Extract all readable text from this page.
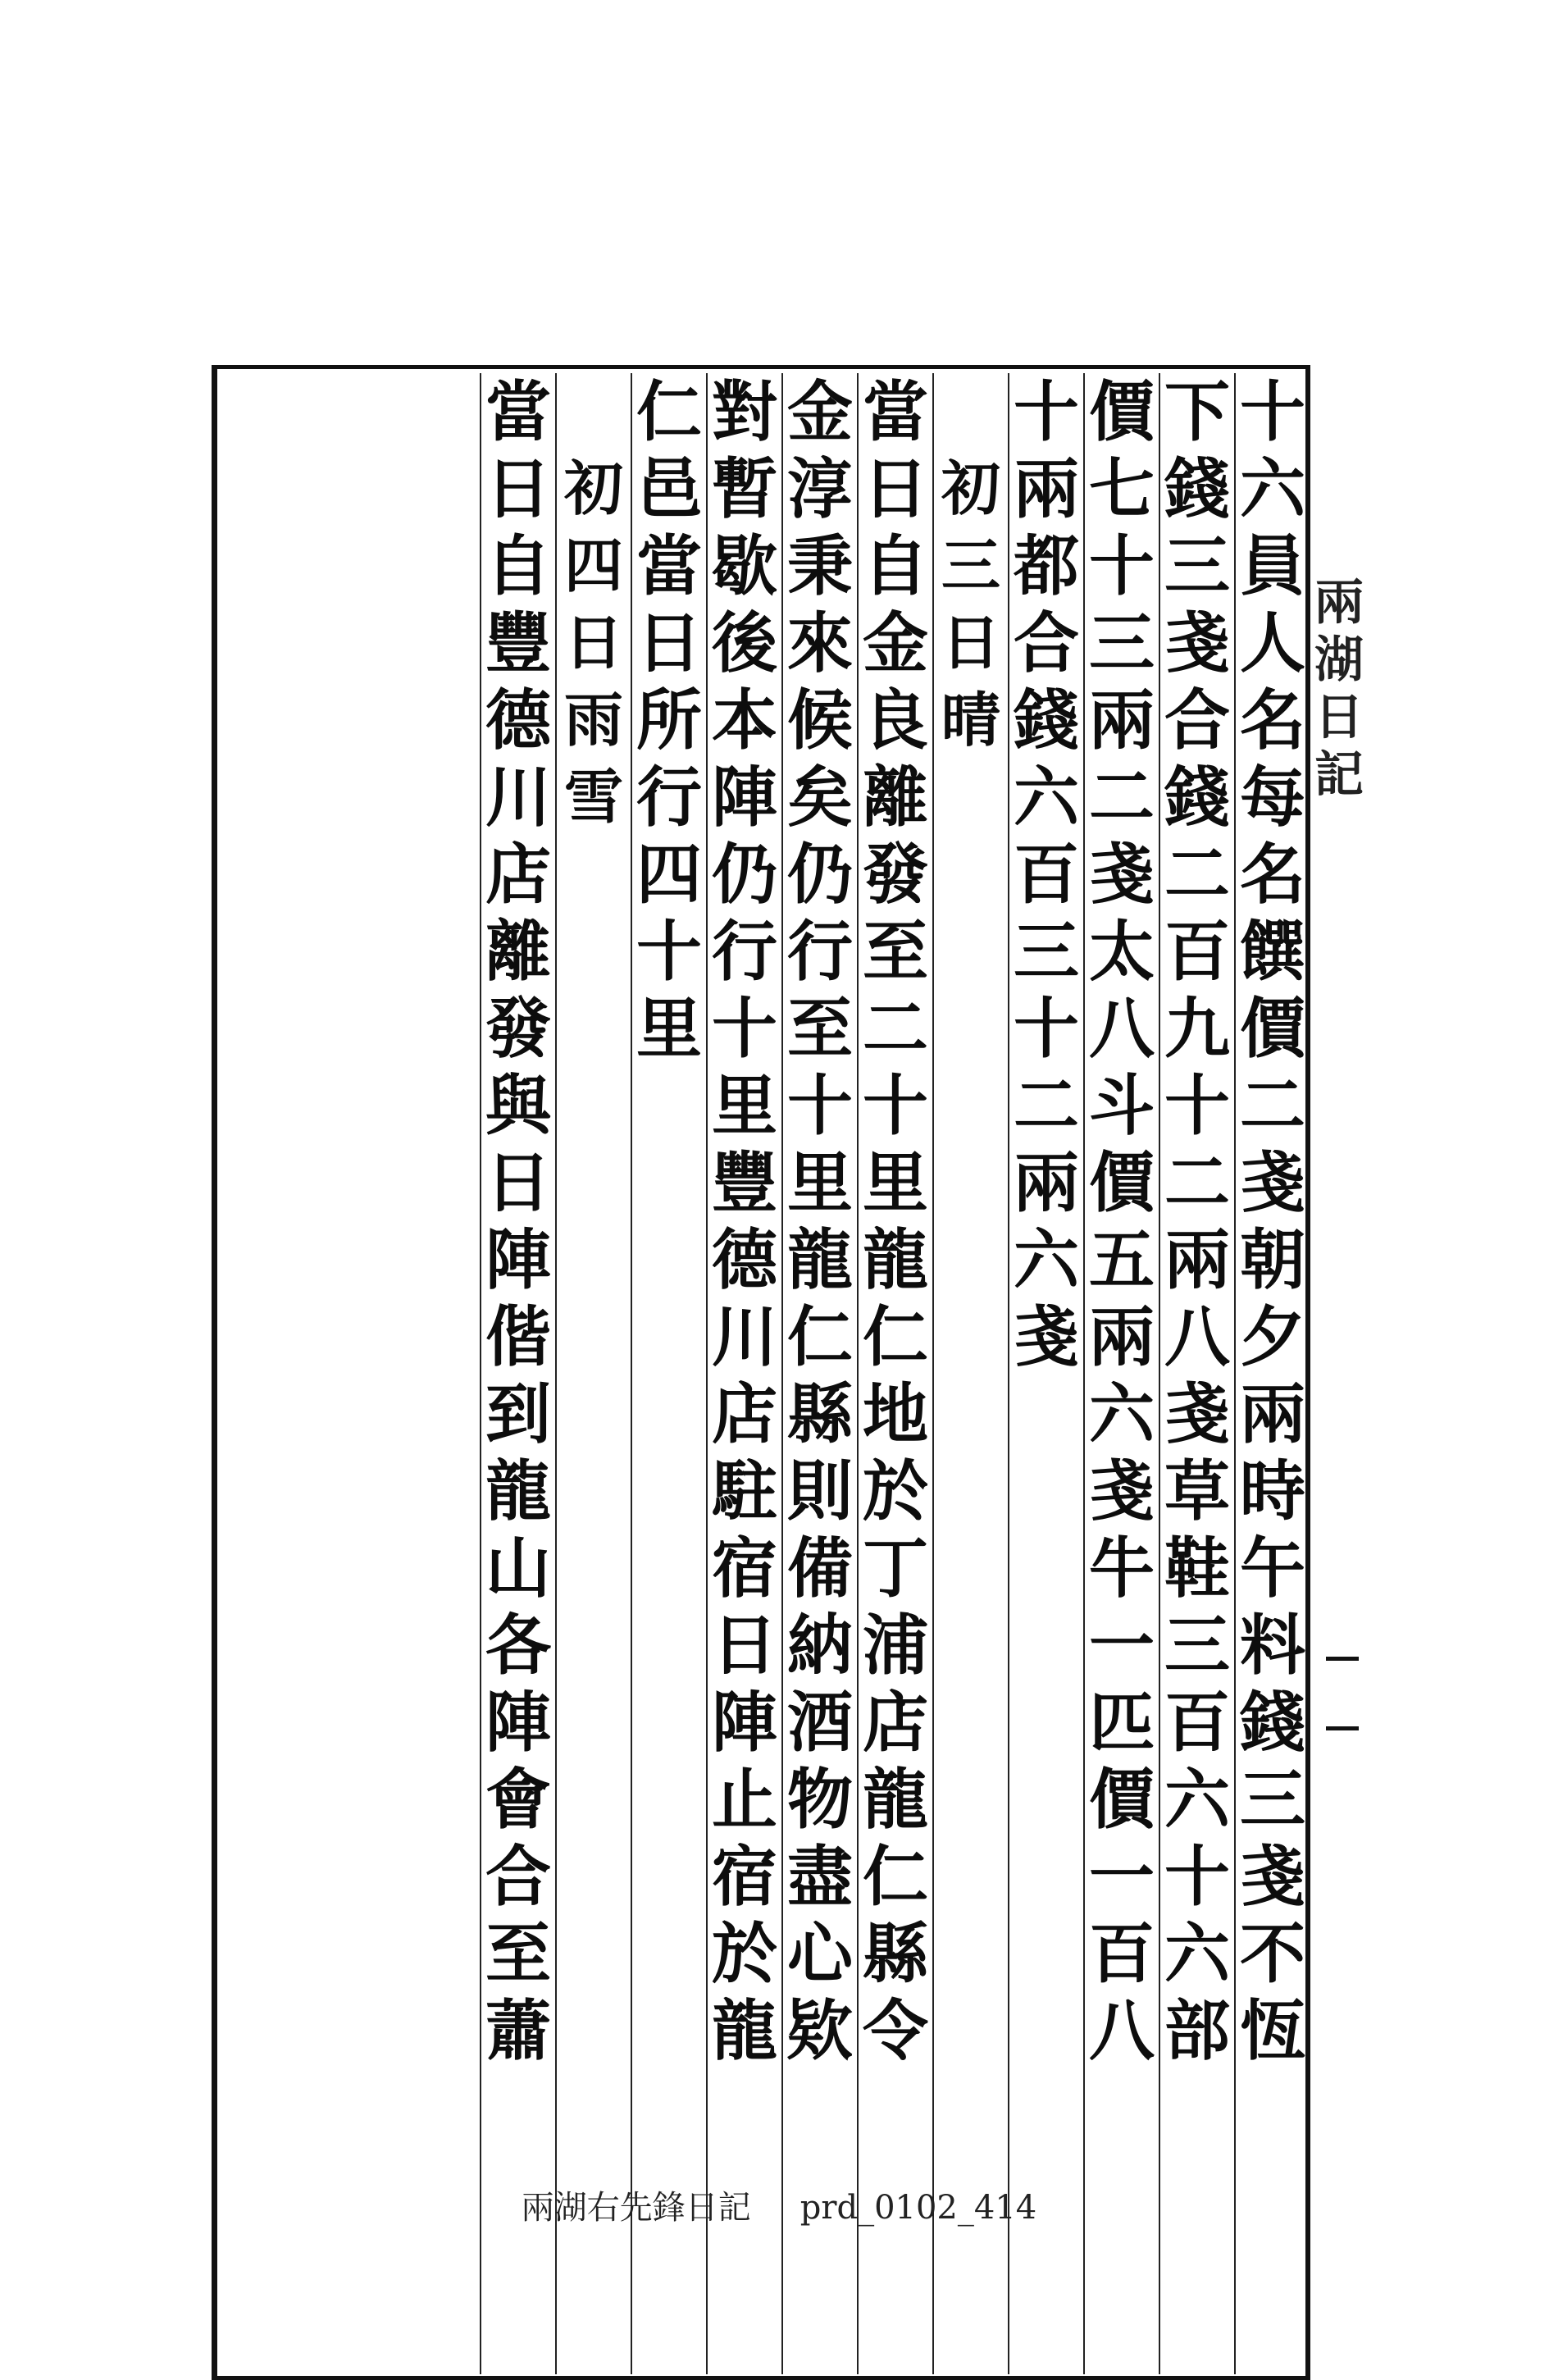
兩
湖
日
記
十
六
員
人
名
每
名
饌
價
二
戔
朝
夕
兩
時
午
料
錢
三
戔
不
恆
下
錢
三
戔
合
錢
二
百
九
十
二
兩
八
戔
草
鞋
三
百
六
十
六
部
價
七
十
三
兩
二
戔
太
八
斗
價
五
兩
六
戔
牛
一
匹
價
一
百
八
十
兩
都
合
錢
六
百
三
十
二
兩
六
戔

初
三
日
晴
當
日
自
金
良
離
發
至
二
十
里
龍
仁
地
於
丁
浦
店
龍
仁
縣
令
金
淳
秉
來
候
矣
仍
行
至
十
里
龍
仁
縣
則
備
納
酒
物
盡
心
欵
對
暫
歇
後
本
陣
仍
行
十
里
豐
德
川
店
駐
宿
日
陣
止
宿
於
龍
仁
邑
當
日
所
行
四
十
里

初
四
日
雨
雪
當
日
自
豐
德
川
店
離
發
與
日
陣
偕
到
龍
山
各
陣
會
合
至
蕭
兩湖右先鋒日記 prd_0102_414
